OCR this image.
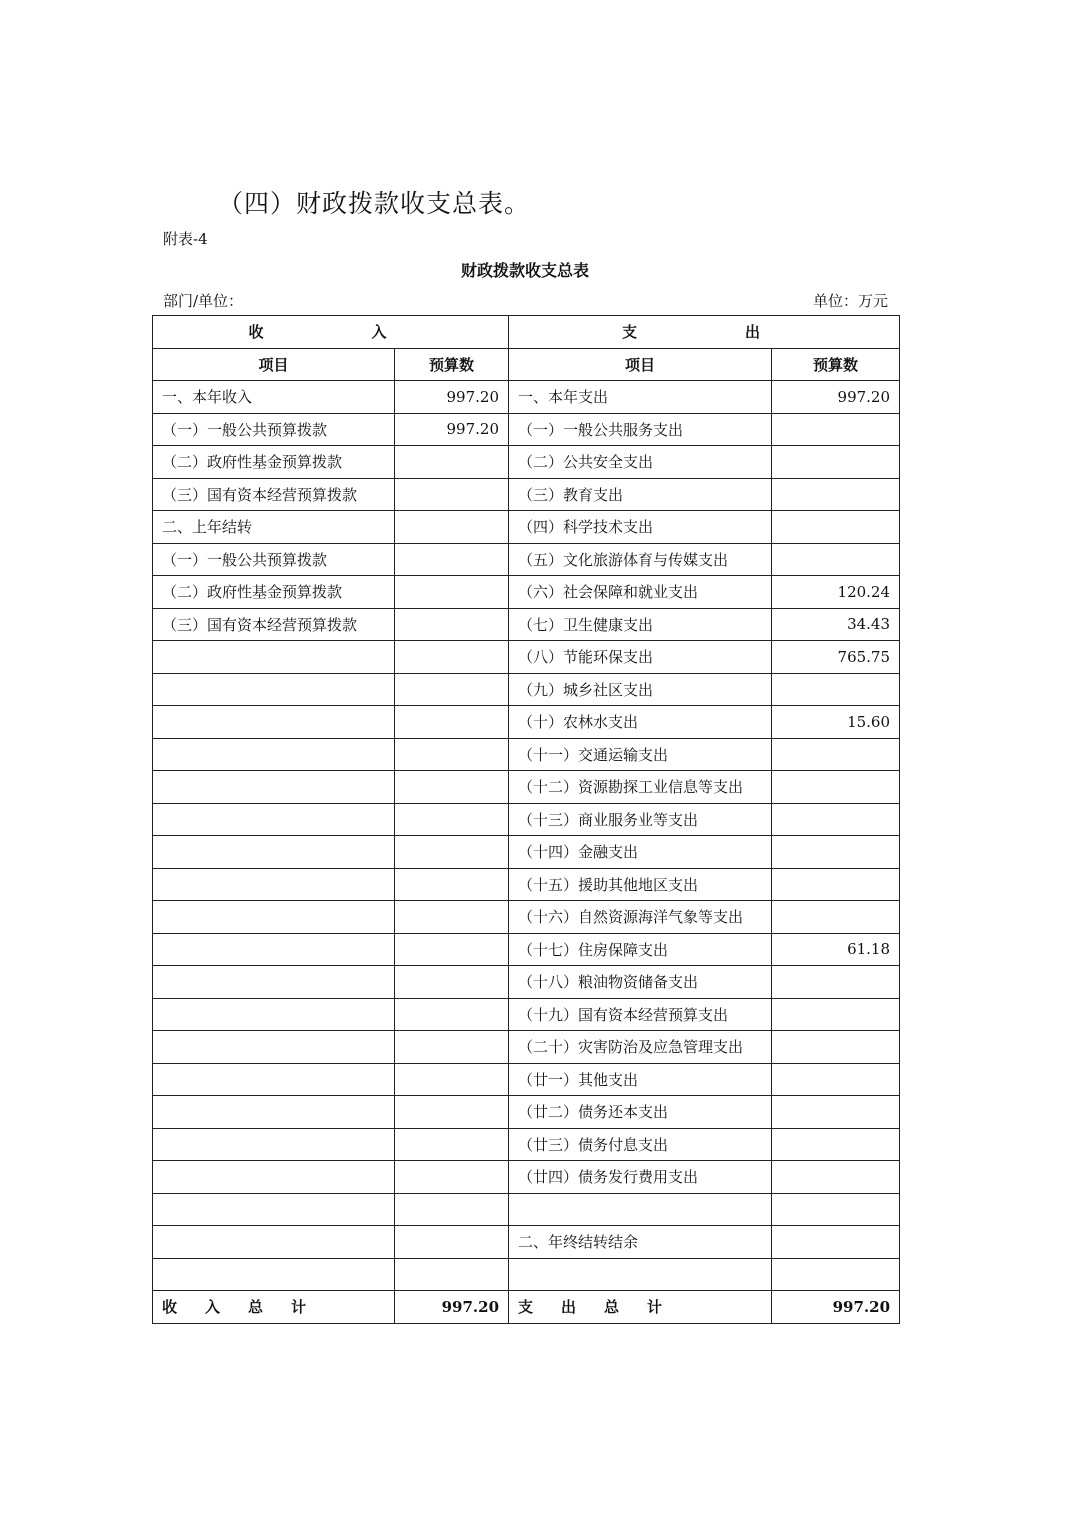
（四）财政拨款收支总表。
附表-4
财政拨款收支总表
部门/单位：	单位：万元
收　　入		支　　出	
项目	预算数	项目	预算数
一、本年收入	997.20	一、本年支出	997.20
（一）一般公共预算拨款	997.20	（一）一般公共服务支出	
（二）政府性基金预算拨款		（二）公共安全支出	
（三）国有资本经营预算拨款		（三）教育支出	
二、上年结转		（四）科学技术支出	
（一）一般公共预算拨款		（五）文化旅游体育与传媒支出	
（二）政府性基金预算拨款		（六）社会保障和就业支出	120.24
（三）国有资本经营预算拨款		（七）卫生健康支出	34.43
		（八）节能环保支出	765.75
		（九）城乡社区支出	
		（十）农林水支出	15.60
		（十一）交通运输支出	
		（十二）资源勘探工业信息等支出	
		（十三）商业服务业等支出	
		（十四）金融支出	
		（十五）援助其他地区支出	
		（十六）自然资源海洋气象等支出	
		（十七）住房保障支出	61.18
		（十八）粮油物资储备支出	
		（十九）国有资本经营预算支出	
		（二十）灾害防治及应急管理支出	
		（廿一）其他支出	
		（廿二）债务还本支出	
		（廿三）债务付息支出	
		（廿四）债务发行费用支出	

		二、年终结转结余	

收入总计	997.20	支出总计	997.20
